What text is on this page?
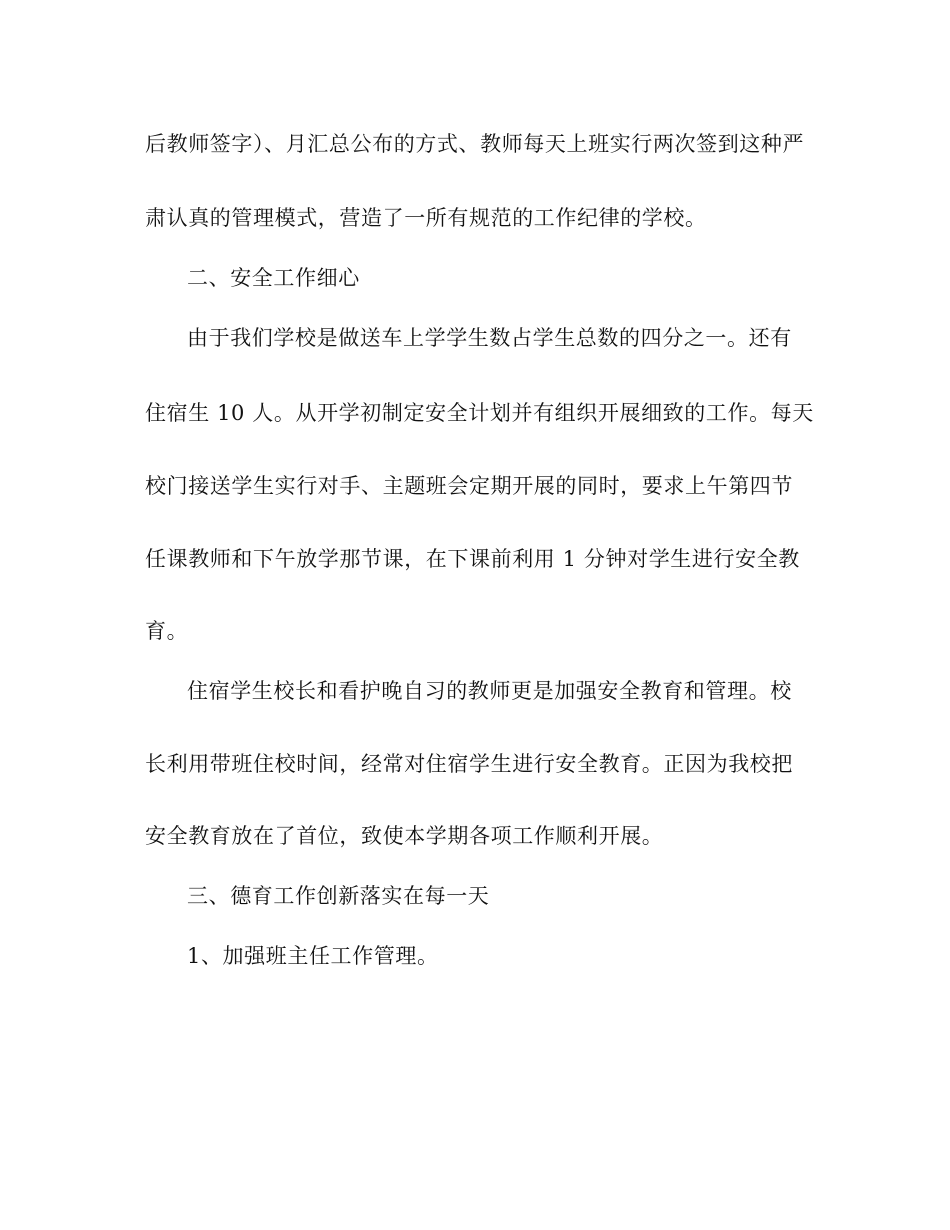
后教师签字）、月汇总公布的方式、教师每天上班实行两次签到这种严
肃认真的管理模式，营造了一所有规范的工作纪律的学校。
二、安全工作细心
由于我们学校是做送车上学学生数占学生总数的四分之一。还有
住宿生 10 人。从开学初制定安全计划并有组织开展细致的工作。每天
校门接送学生实行对手、主题班会定期开展的同时，要求上午第四节
任课教师和下午放学那节课，在下课前利用 1 分钟对学生进行安全教
育。
住宿学生校长和看护晚自习的教师更是加强安全教育和管理。校
长利用带班住校时间，经常对住宿学生进行安全教育。正因为我校把
安全教育放在了首位，致使本学期各项工作顺利开展。
三、德育工作创新落实在每一天
1、加强班主任工作管理。
